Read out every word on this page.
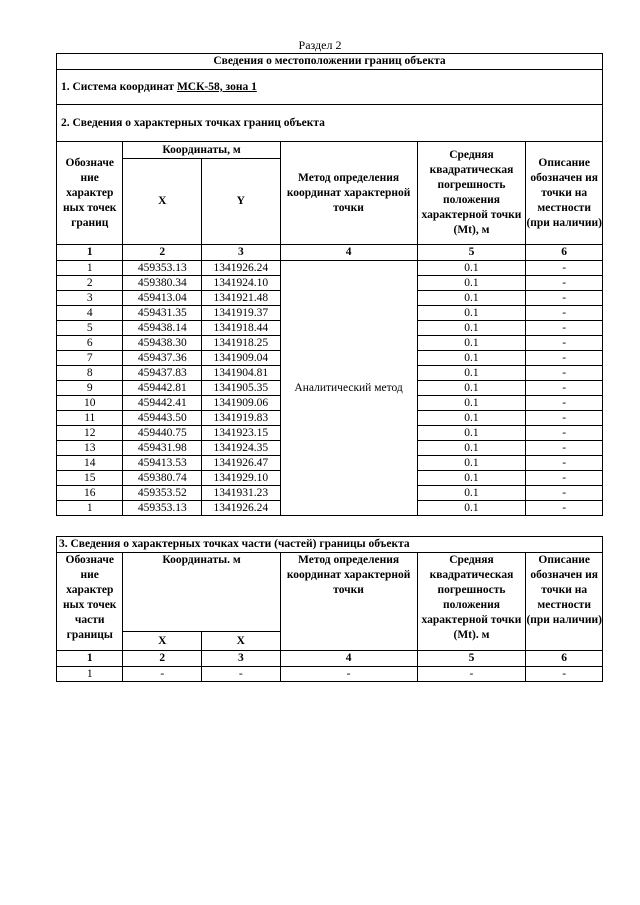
Раздел 2
Сведения о местоположении границ объекта					
1. Система координат МСК-58, зона 1					
2. Сведения о характерных точках границ объекта					
Обозначе ние характер ных точек границ	Координаты, м		Метод определения координат характерной точки	Средняя квадратическая погрешность положения характерной точки (Mt), м	Описание обозначен ия точки на местности (при наличии)
	X	Y			
1	2	3	4	5	6
1	459353.13	1341926.24	Аналитический метод	0.1	-
2	459380.34	1341924.10		0.1	-
3	459413.04	1341921.48		0.1	-
4	459431.35	1341919.37		0.1	-
5	459438.14	1341918.44		0.1	-
6	459438.30	1341918.25		0.1	-
7	459437.36	1341909.04		0.1	-
8	459437.83	1341904.81		0.1	-
9	459442.81	1341905.35		0.1	-
10	459442.41	1341909.06		0.1	-
11	459443.50	1341919.83		0.1	-
12	459440.75	1341923.15		0.1	-
13	459431.98	1341924.35		0.1	-
14	459413.53	1341926.47		0.1	-
15	459380.74	1341929.10		0.1	-
16	459353.52	1341931.23		0.1	-
1	459353.13	1341926.24		0.1	-
3. Сведения о характерных точках части (частей) границы объекта					
Обозначе ние характер ных точек части границы	Координаты. м		Метод определения координат характерной точки	Средняя квадратическая погрешность положения характерной точки (Mt). м	Описание обозначен ия точки на местности (при наличии)
	X	X			
1	2	3	4	5	6
1	-	-	-	-	-
